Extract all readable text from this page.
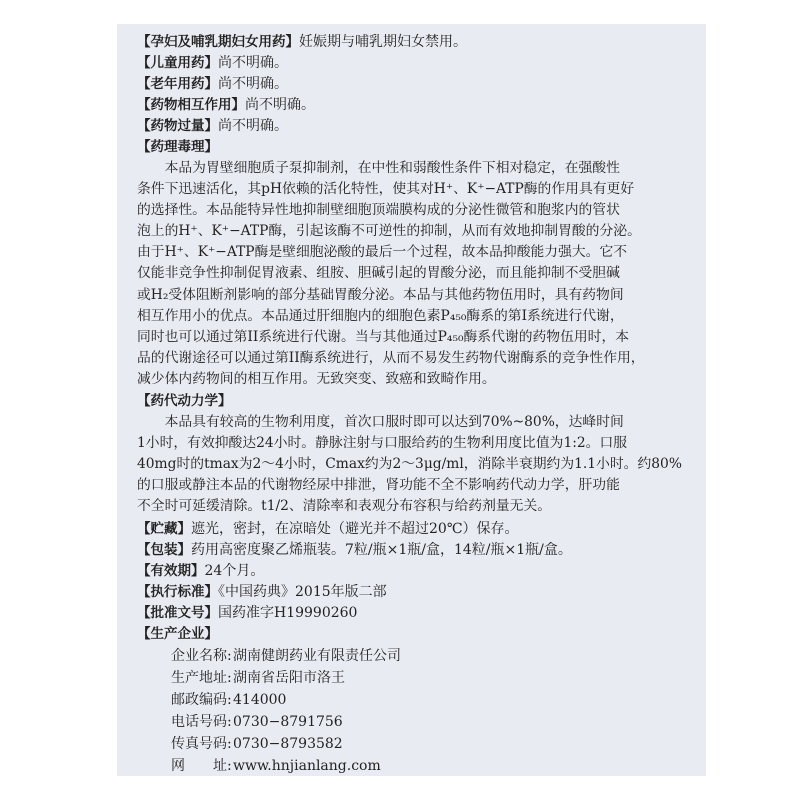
【孕妇及哺乳期妇女用药】妊娠期与哺乳期妇女禁用。
【儿童用药】尚不明确。
【老年用药】尚不明确。
【药物相互作用】尚不明确。
【药物过量】尚不明确。
【药理毒理】
本品为胃壁细胞质子泵抑制剂，在中性和弱酸性条件下相对稳定，在强酸性
条件下迅速活化，其pH依赖的活化特性，使其对H⁺、K⁺−ATP酶的作用具有更好
的选择性。本品能特异性地抑制壁细胞顶端膜构成的分泌性微管和胞浆内的管状
泡上的H⁺、K⁺−ATP酶，引起该酶不可逆性的抑制，从而有效地抑制胃酸的分泌。
由于H⁺、K⁺−ATP酶是壁细胞泌酸的最后一个过程，故本品抑酸能力强大。它不
仅能非竞争性抑制促胃液素、组胺、胆碱引起的胃酸分泌，而且能抑制不受胆碱
或H₂受体阻断剂影响的部分基础胃酸分泌。本品与其他药物伍用时，具有药物间
相互作用小的优点。本品通过肝细胞内的细胞色素P₄₅₀酶系的第I系统进行代谢，
同时也可以通过第II系统进行代谢。当与其他通过P₄₅₀酶系代谢的药物伍用时，本
品的代谢途径可以通过第II酶系统进行，从而不易发生药物代谢酶系的竞争性作用，
减少体内药物间的相互作用。无致突变、致癌和致畸作用。
【药代动力学】
本品具有较高的生物利用度，首次口服时即可以达到70%~80%，达峰时间
1小时，有效抑酸达24小时。静脉注射与口服给药的生物利用度比值为1:2。口服
40mg时的tmax为2～4小时，Cmax约为2～3μg/ml，消除半衰期约为1.1小时。约80%
的口服或静注本品的代谢物经尿中排泄，肾功能不全不影响药代动力学，肝功能
不全时可延缓清除。t1/2、清除率和表观分布容积与给药剂量无关。
【贮藏】遮光，密封，在凉暗处（避光并不超过20℃）保存。
【包装】药用高密度聚乙烯瓶装。7粒/瓶×1瓶/盒，14粒/瓶×1瓶/盒。
【有效期】24个月。
【执行标准】《中国药典》2015年版二部
【批准文号】国药准字H19990260
【生产企业】
企业名称:湖南健朗药业有限责任公司
生产地址:湖南省岳阳市洛王
邮政编码:414000
电话号码:0730−8791756
传真号码:0730−8793582
网　　址:www.hnjianlang.com
